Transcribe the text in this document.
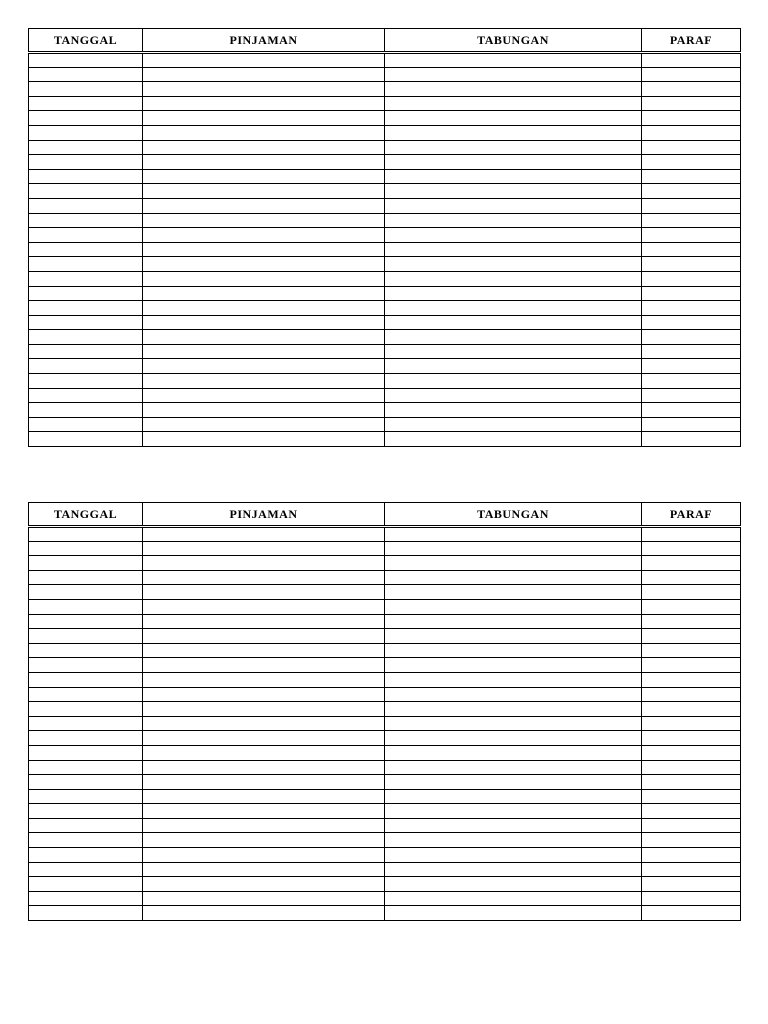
TANGGAL	PINJAMAN	TABUNGAN	PARAF

TANGGAL	PINJAMAN	TABUNGAN	PARAF
